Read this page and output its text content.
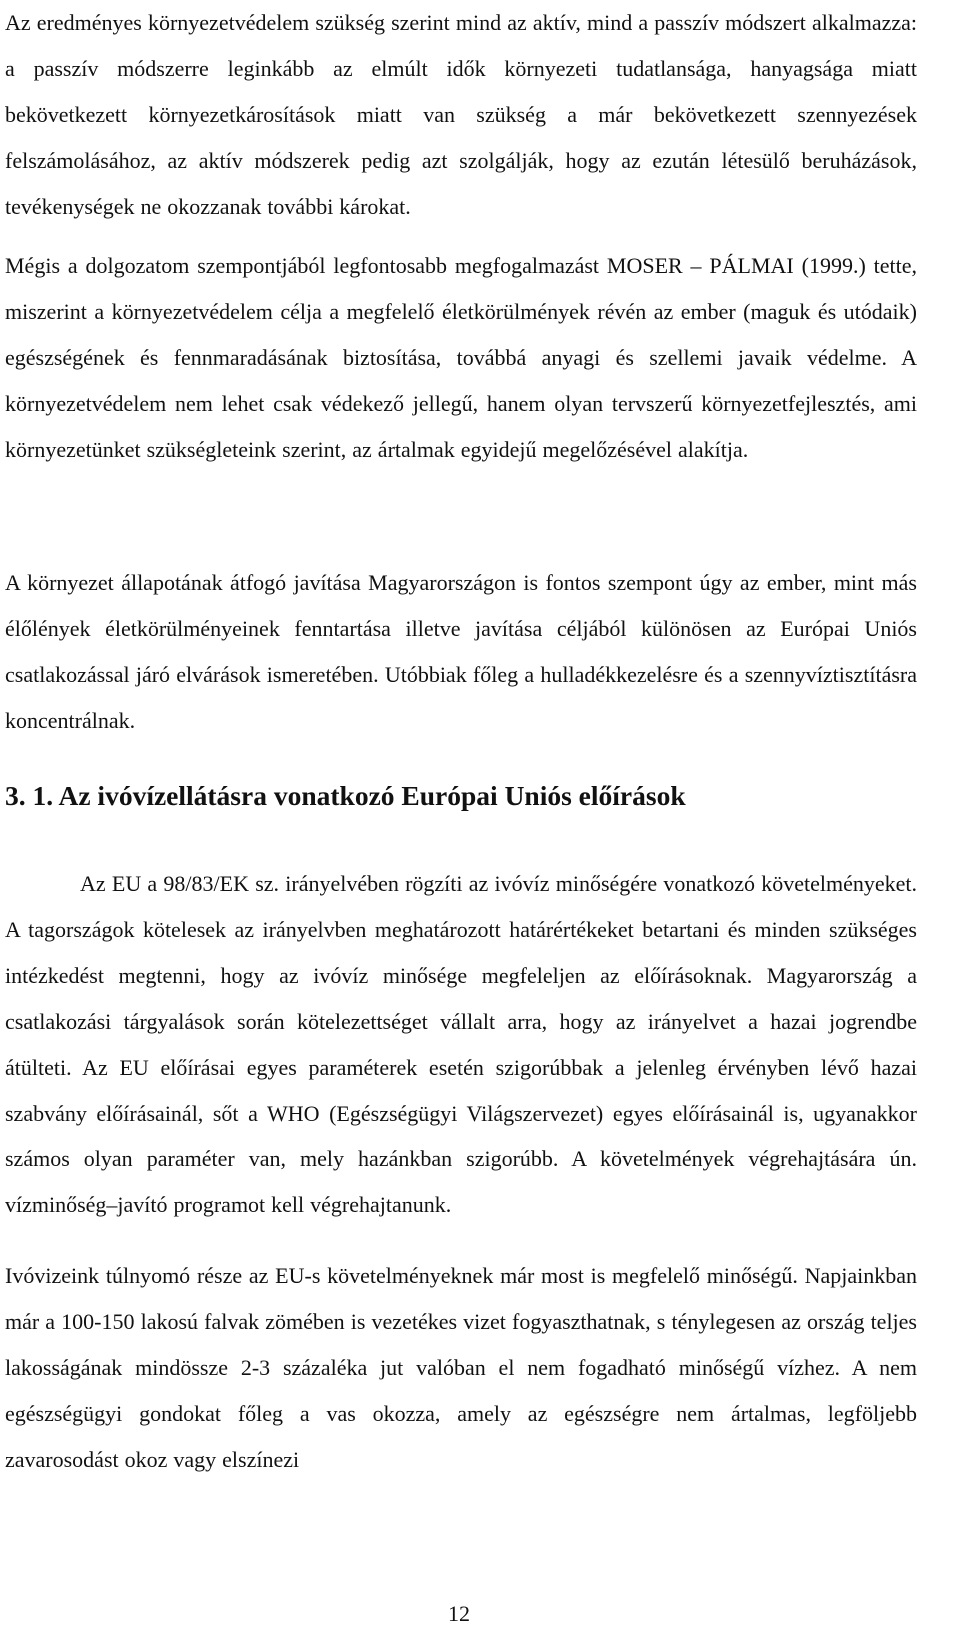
Az eredményes környezetvédelem szükség szerint mind az aktív, mind a passzív módszert alkalmazza: a passzív módszerre leginkább az elmúlt idők környezeti tudatlansága, hanyagsága miatt bekövetkezett környezetkárosítások miatt van szükség a már bekövetkezett szennyezések felszámolásához, az aktív módszerek pedig azt szolgálják, hogy az ezután létesülő beruházások, tevékenységek ne okozzanak további károkat.

Mégis a dolgozatom szempontjából legfontosabb megfogalmazást MOSER – PÁLMAI (1999.) tette, miszerint a környezetvédelem célja a megfelelő életkörülmények révén az ember (maguk és utódaik) egészségének és fennmaradásának biztosítása, továbbá anyagi és szellemi javaik védelme. A környezetvédelem nem lehet csak védekező jellegű, hanem olyan tervszerű környezetfejlesztés, ami környezetünket szükségleteink szerint, az ártalmak egyidejű megelőzésével alakítja.

A környezet állapotának átfogó javítása Magyarországon is fontos szempont úgy az ember, mint más élőlények életkörülményeinek fenntartása illetve javítása céljából különösen az Európai Uniós csatlakozással járó elvárások ismeretében. Utóbbiak főleg a hulladékkezelésre és a szennyvíztisztításra koncentrálnak.

3. 1. Az ivóvízellátásra vonatkozó Európai Uniós előírások

Az EU a 98/83/EK sz. irányelvében rögzíti az ivóvíz minőségére vonatkozó követelményeket. A tagországok kötelesek az irányelvben meghatározott határértékeket betartani és minden szükséges intézkedést megtenni, hogy az ivóvíz minősége megfeleljen az előírásoknak. Magyarország a csatlakozási tárgyalások során kötelezettséget vállalt arra, hogy az irányelvet a hazai jogrendbe átülteti. Az EU előírásai egyes paraméterek esetén szigorúbbak a jelenleg érvényben lévő hazai szabvány előírásainál, sőt a WHO (Egészségügyi Világszervezet) egyes előírásainál is, ugyanakkor számos olyan paraméter van, mely hazánkban szigorúbb. A követelmények végrehajtására ún. vízminőség–javító programot kell végrehajtanunk.

Ivóvizeink túlnyomó része az EU-s követelményeknek már most is megfelelő minőségű. Napjainkban már a 100-150 lakosú falvak zömében is vezetékes vizet fogyaszthatnak, s ténylegesen az ország teljes lakosságának mindössze 2-3 százaléka jut valóban el nem fogadható minőségű vízhez. A nem egészségügyi gondokat főleg a vas okozza, amely az egészségre nem ártalmas, legföljebb zavarosodást okoz vagy elszínezi

12
